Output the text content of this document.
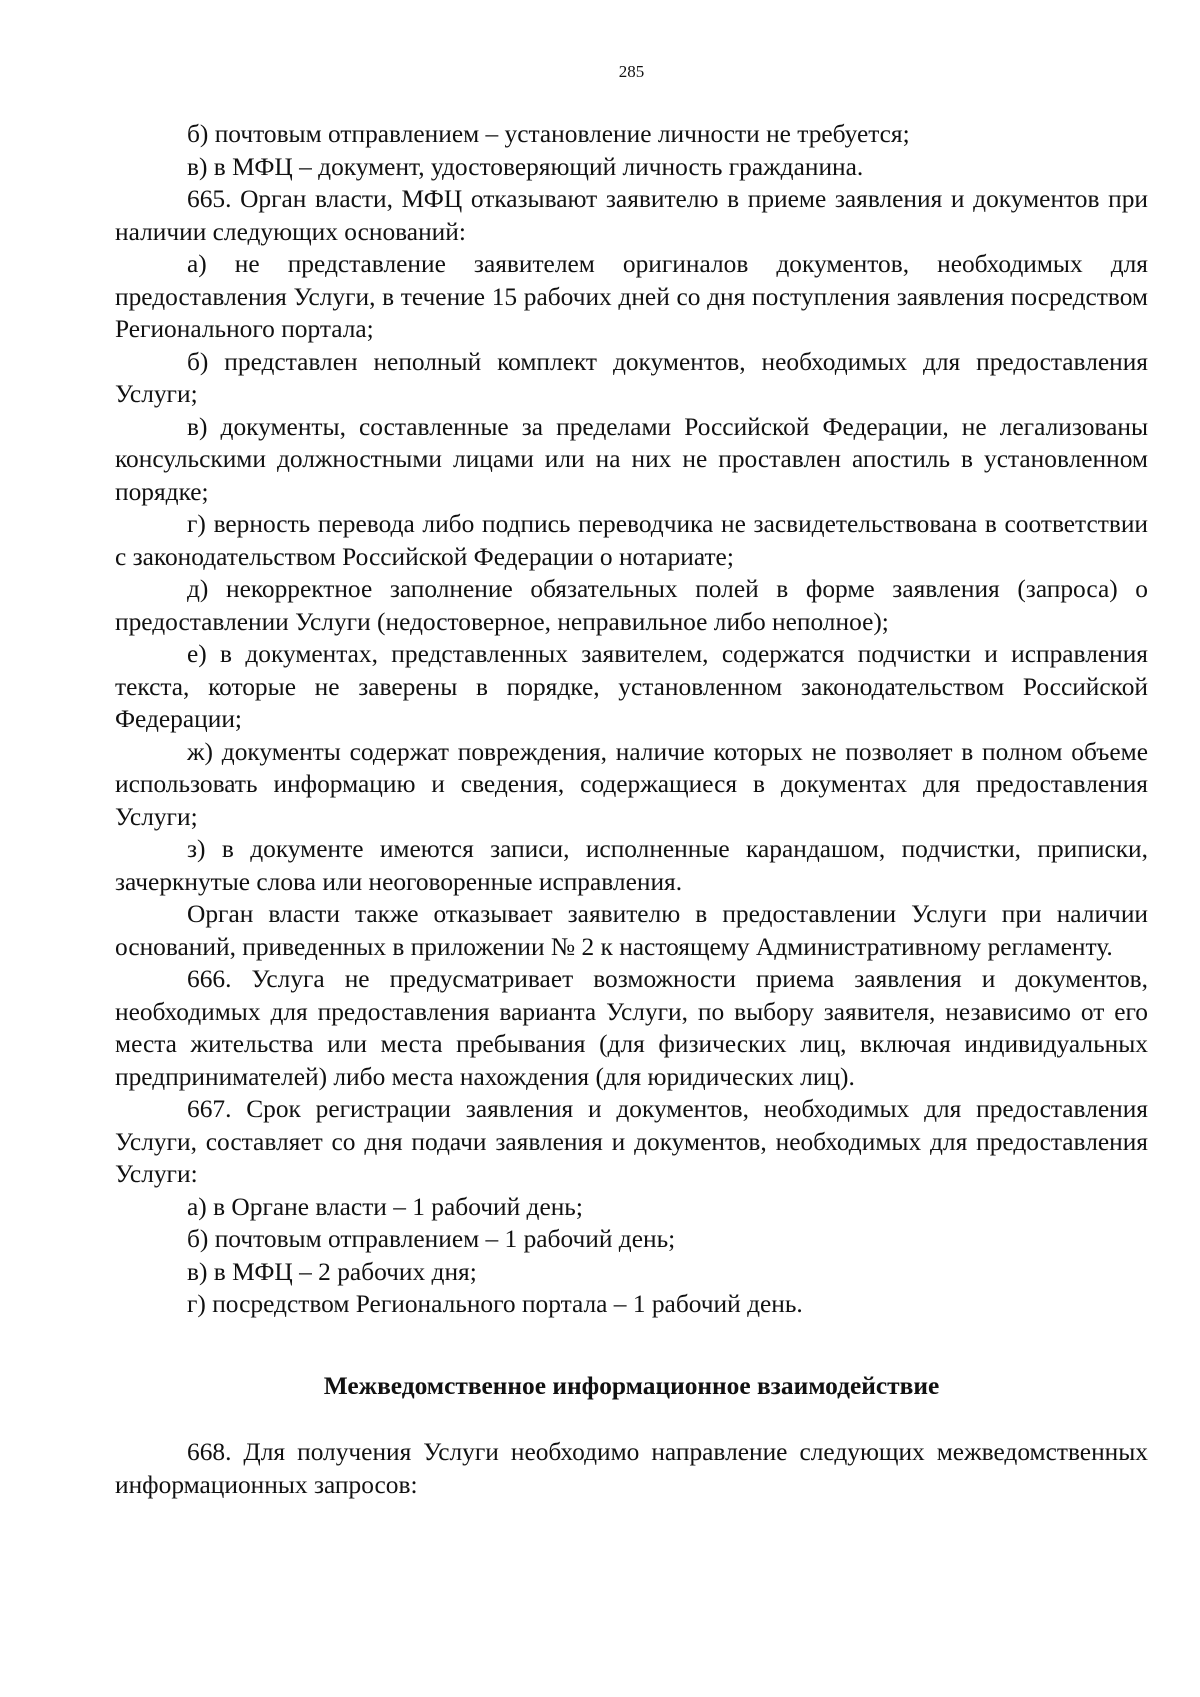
285

б) почтовым отправлением – установление личности не требуется;

в) в МФЦ – документ, удостоверяющий личность гражданина.

665. Орган власти, МФЦ отказывают заявителю в приеме заявления и документов при наличии следующих оснований:

а) не представление заявителем оригиналов документов, необходимых для предоставления Услуги, в течение 15 рабочих дней со дня поступления заявления посредством Регионального портала;

б) представлен неполный комплект документов, необходимых для предоставления Услуги;

в) документы, составленные за пределами Российской Федерации, не легализованы консульскими должностными лицами или на них не проставлен апостиль в установленном порядке;

г) верность перевода либо подпись переводчика не засвидетельствована в соответствии с законодательством Российской Федерации о нотариате;

д) некорректное заполнение обязательных полей в форме заявления (запроса) о предоставлении Услуги (недостоверное, неправильное либо неполное);

е) в документах, представленных заявителем, содержатся подчистки и исправления текста, которые не заверены в порядке, установленном законодательством Российской Федерации;

ж) документы содержат повреждения, наличие которых не позволяет в полном объеме использовать информацию и сведения, содержащиеся в документах для предоставления Услуги;

з) в документе имеются записи, исполненные карандашом, подчистки, приписки, зачеркнутые слова или неоговоренные исправления.

Орган власти также отказывает заявителю в предоставлении Услуги при наличии оснований, приведенных в приложении № 2 к настоящему Административному регламенту.

666. Услуга не предусматривает возможности приема заявления и документов, необходимых для предоставления варианта Услуги, по выбору заявителя, независимо от его места жительства или места пребывания (для физических лиц, включая индивидуальных предпринимателей) либо места нахождения (для юридических лиц).

667. Срок регистрации заявления и документов, необходимых для предоставления Услуги, составляет со дня подачи заявления и документов, необходимых для предоставления Услуги:

а) в Органе власти – 1 рабочий день;

б) почтовым отправлением – 1 рабочий день;

в) в МФЦ – 2 рабочих дня;

г) посредством Регионального портала – 1 рабочий день.

Межведомственное информационное взаимодействие

668. Для получения Услуги необходимо направление следующих межведомственных информационных запросов:
